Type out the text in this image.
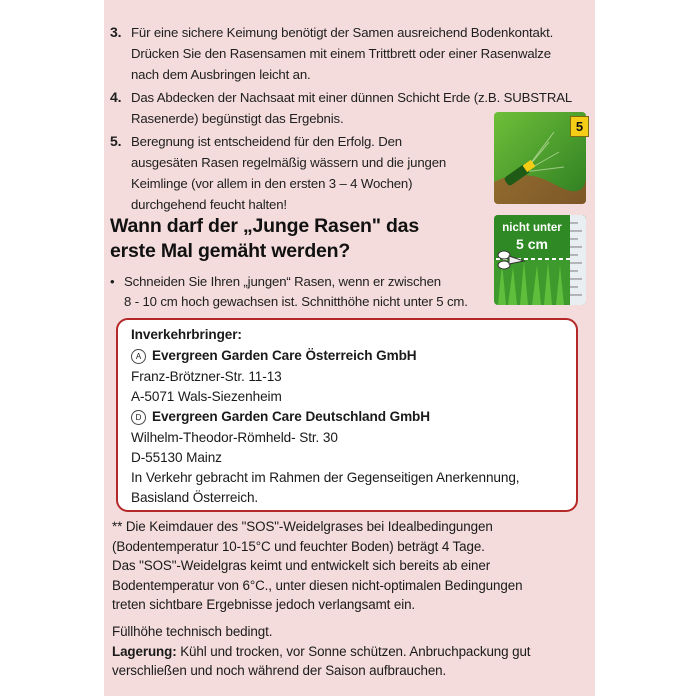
3. Für eine sichere Keimung benötigt der Samen ausreichend Bodenkontakt.
Drücken Sie den Rasensamen mit einem Trittbrett oder einer Rasenwalze
nach dem Ausbringen leicht an.
4. Das Abdecken der Nachsaat mit einer dünnen Schicht Erde (z.B. SUBSTRAL
Rasenerde) begünstigt das Ergebnis.
5. Beregnung ist entscheidend für den Erfolg. Den
ausgesäten Rasen regelmäßig wässern und die jungen
Keimlinge (vor allem in den ersten 3 – 4 Wochen)
durchgehend feucht halten!
5
Wann darf der „Junge Rasen" das
erste Mal gemäht werden?
• Schneiden Sie Ihren „jungen“ Rasen, wenn er zwischen
8 - 10 cm hoch gewachsen ist. Schnitthöhe nicht unter 5 cm.
nicht unter
5 cm
Inverkehrbringer:
A Evergreen Garden Care Österreich GmbH
Franz-Brötzner-Str. 11-13
A-5071 Wals-Siezenheim
D Evergreen Garden Care Deutschland GmbH
Wilhelm-Theodor-Römheld- Str. 30
D-55130 Mainz
In Verkehr gebracht im Rahmen der Gegenseitigen Anerkennung,
Basisland Österreich.
** Die Keimdauer des "SOS"-Weidelgrases bei Idealbedingungen
(Bodentemperatur 10-15°C und feuchter Boden) beträgt 4 Tage.
Das "SOS"-Weidelgras keimt und entwickelt sich bereits ab einer
Bodentemperatur von 6°C., unter diesen nicht-optimalen Bedingungen
treten sichtbare Ergebnisse jedoch verlangsamt ein.
Füllhöhe technisch bedingt.
Lagerung: Kühl und trocken, vor Sonne schützen. Anbruchpackung gut
verschließen und noch während der Saison aufbrauchen.
